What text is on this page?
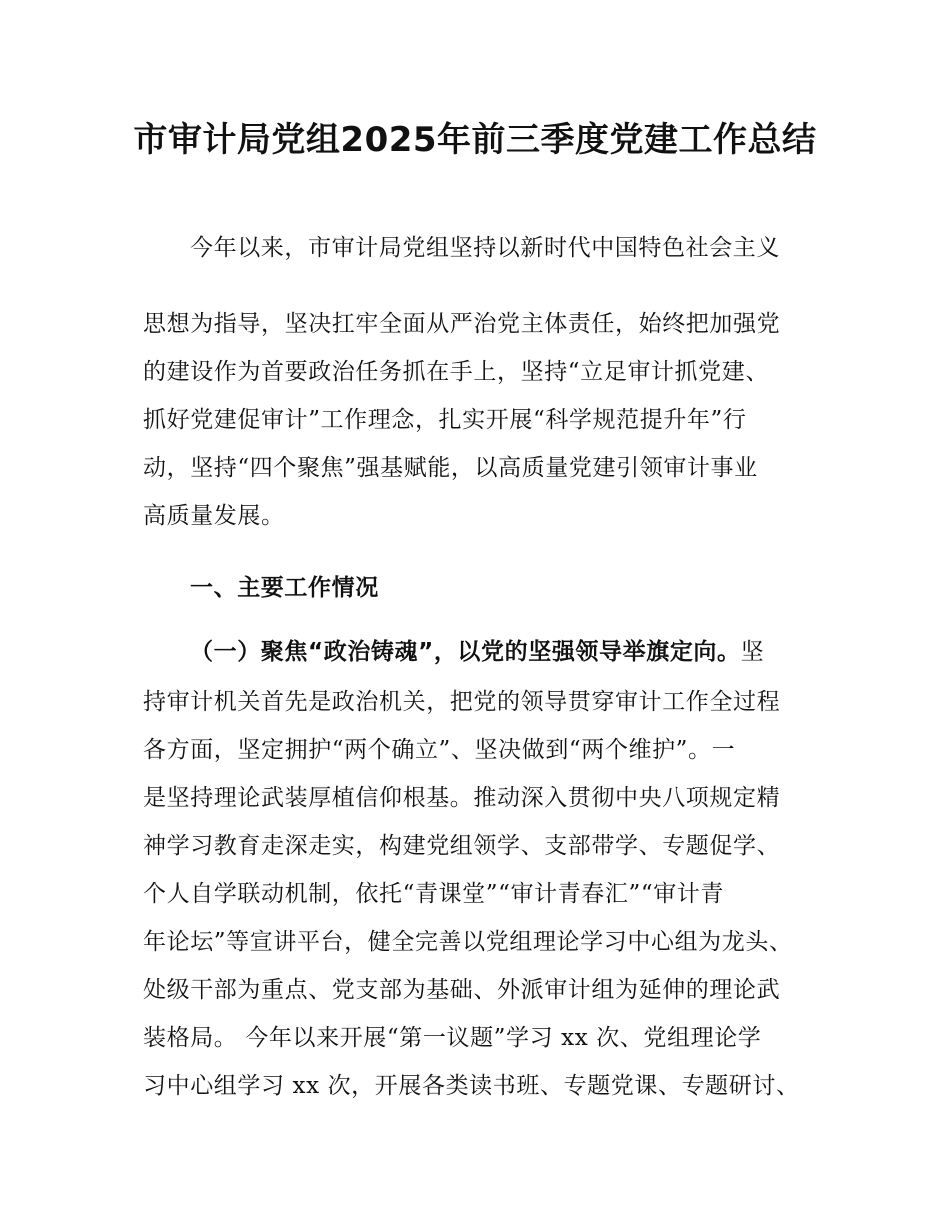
市审计局党组2025年前三季度党建工作总结
今年以来，市审计局党组坚持以新时代中国特色社会主义
思想为指导，坚决扛牢全面从严治党主体责任，始终把加强党
的建设作为首要政治任务抓在手上，坚持“立足审计抓党建、
抓好党建促审计”工作理念，扎实开展“科学规范提升年”行
动，坚持“四个聚焦”强基赋能，以高质量党建引领审计事业
高质量发展。
一、主要工作情况
（一）聚焦“政治铸魂”，以党的坚强领导举旗定向。坚
持审计机关首先是政治机关，把党的领导贯穿审计工作全过程
各方面，坚定拥护“两个确立”、坚决做到“两个维护”。一
是坚持理论武装厚植信仰根基。推动深入贯彻中央八项规定精
神学习教育走深走实，构建党组领学、支部带学、专题促学、
个人自学联动机制，依托“青课堂”“审计青春汇”“审计青
年论坛”等宣讲平台，健全完善以党组理论学习中心组为龙头、
处级干部为重点、党支部为基础、外派审计组为延伸的理论武
装格局。 今年以来开展“第一议题”学习 xx 次、党组理论学
习中心组学习 xx 次，开展各类读书班、专题党课、专题研讨、
